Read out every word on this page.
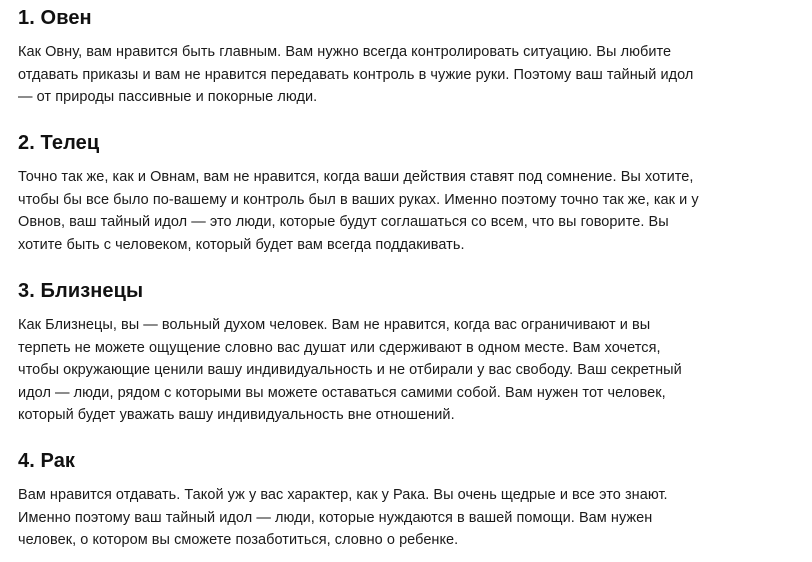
1. Овен

Как Овну, вам нравится быть главным. Вам нужно всегда контролировать ситуацию. Вы любите
отдавать приказы и вам не нравится передавать контроль в чужие руки. Поэтому ваш тайный идол
— от природы пассивные и покорные люди.

2. Телец

Точно так же, как и Овнам, вам не нравится, когда ваши действия ставят под сомнение. Вы хотите,
чтобы бы все было по-вашему и контроль был в ваших руках. Именно поэтому точно так же, как и у
Овнов, ваш тайный идол — это люди, которые будут соглашаться со всем, что вы говорите. Вы
хотите быть с человеком, который будет вам всегда поддакивать.

3. Близнецы

Как Близнецы, вы — вольный духом человек. Вам не нравится, когда вас ограничивают и вы
терпеть не можете ощущение словно вас душат или сдерживают в одном месте. Вам хочется,
чтобы окружающие ценили вашу индивидуальность и не отбирали у вас свободу. Ваш секретный
идол — люди, рядом с которыми вы можете оставаться самими собой. Вам нужен тот человек,
который будет уважать вашу индивидуальность вне отношений.

4. Рак

Вам нравится отдавать. Такой уж у вас характер, как у Рака. Вы очень щедрые и все это знают.
Именно поэтому ваш тайный идол — люди, которые нуждаются в вашей помощи. Вам нужен
человек, о котором вы сможете позаботиться, словно о ребенке.
